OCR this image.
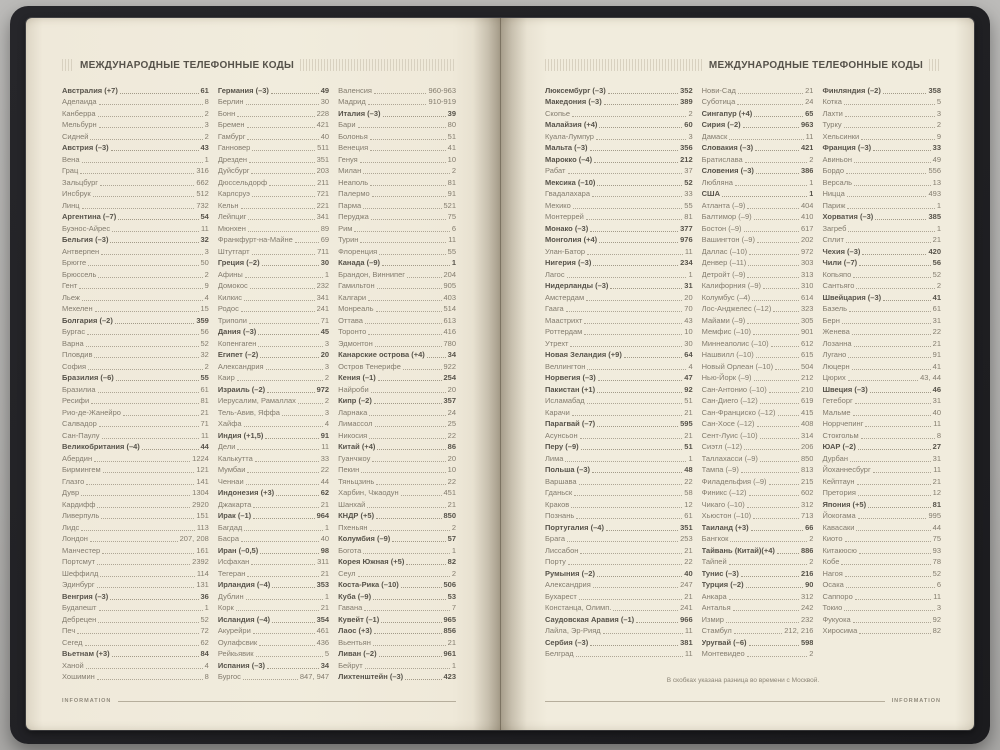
МЕЖДУНАРОДНЫЕ ТЕЛЕФОННЫЕ КОДЫ
Австралия (+7)	61
Аделаида	8
Канберра	2
Мельбурн	3
Сидней	2
Австрия (–3)	43
Вена	1
Грац	316
Зальцбург	662
Инсбрук	512
Линц	732
Аргентина (–7)	54
Буэнос-Айрес	11
Бельгия (–3)	32
Антверпен	3
Брюгге	50
Брюссель	2
Гент	9
Льеж	4
Мехелен	15
Болгария (–2)	359
Бургас	56
Варна	52
Пловдив	32
София	2
Бразилия (–6)	55
Бразилиа	61
Ресифи	81
Рио-де-Жанейро	21
Салвадор	71
Сан-Паулу	11
Великобритания (–4)	44
Абердин	1224
Бирмингем	121
Глазго	141
Дувр	1304
Кардифф	2920
Ливерпуль	151
Лидс	113
Лондон	207, 208
Манчестер	161
Портсмут	2392
Шеффилд	114
Эдинбург	131
Венгрия (–3)	36
Будапешт	1
Дебрецен	52
Печ	72
Сегед	62
Вьетнам (+3)	84
Ханой	4
Хошимин	8
Германия (–3)	49
Берлин	30
Бонн	228
Бремен	421
Гамбург	40
Ганновер	511
Дрезден	351
Дуйсбург	203
Дюссельдорф	211
Карлсруэ	721
Кельн	221
Лейпциг	341
Мюнхен	89
Франкфурт-на-Майне	69
Штутгарт	711
Греция (–2)	30
Афины	1
Домокос	232
Килкис	341
Родос	241
Триполи	71
Дания (–3)	45
Копенгаген	3
Египет (–2)	20
Александрия	3
Каир	2
Израиль (–2)	972
Иерусалим, Рамаллах	2
Тель-Авив, Яффа	3
Хайфа	4
Индия (+1,5)	91
Дели	11
Калькутта	33
Мумбаи	22
Ченнаи	44
Индонезия (+3)	62
Джакарта	21
Ирак (–1)	964
Багдад	1
Басра	40
Иран (–0,5)	98
Исфахан	311
Тегеран	21
Ирландия (–4)	353
Дублин	1
Корк	21
Исландия (–4)	354
Акурейри	461
Оулафсвик	436
Рейкьявик	5
Испания (–3)	34
Бургос	847, 947
Валенсия	960-963
Мадрид	910-919
Италия (–3)	39
Бари	80
Болонья	51
Венеция	41
Генуя	10
Милан	2
Неаполь	81
Палермо	91
Парма	521
Перуджа	75
Рим	6
Турин	11
Флоренция	55
Канада (–9)	1
Брандон, Виннипег	204
Гамильтон	905
Калгари	403
Монреаль	514
Оттава	613
Торонто	416
Эдмонтон	780
Канарские острова (+4)	34
Остров Тенерифе	922
Кения (–1)	254
Найроби	20
Кипр (–2)	357
Ларнака	24
Лимассол	25
Никосия	22
Китай (+4)	86
Гуанчжоу	20
Пекин	10
Тяньцзинь	22
Харбин, Чжаодун	451
Шанхай	21
КНДР (+5)	850
Пхеньян	2
Колумбия (–9)	57
Богота	1
Корея Южная (+5)	82
Сеул	2
Коста-Рика (–10)	506
Куба (–9)	53
Гавана	7
Кувейт (–1)	965
Лаос (+3)	856
Вьентьян	21
Ливан (–2)	961
Бейрут	1
Лихтенштейн (–3)	423
INFORMATION
МЕЖДУНАРОДНЫЕ ТЕЛЕФОННЫЕ КОДЫ
Люксембург (–3)	352
Македония (–3)	389
Скопье	2
Малайзия (+4)	60
Куала-Лумпур	3
Мальта (–3)	356
Марокко (–4)	212
Рабат	37
Мексика (–10)	52
Гвадалахара	33
Мехико	55
Монтеррей	81
Монако (–3)	377
Монголия (+4)	976
Улан-Батор	11
Нигерия (–3)	234
Лагос	1
Нидерланды (–3)	31
Амстердам	20
Гаага	70
Маастрихт	43
Роттердам	10
Утрехт	30
Новая Зеландия (+9)	64
Веллингтон	4
Норвегия (–3)	47
Пакистан (+1)	92
Исламабад	51
Карачи	21
Парагвай (–7)	595
Асунсьон	21
Перу (–9)	51
Лима	1
Польша (–3)	48
Варшава	22
Гданьск	58
Краков	12
Познань	61
Португалия (–4)	351
Брага	253
Лиссабон	21
Порту	22
Румыния (–2)	40
Александрия	247
Бухарест	21
Констанца, Олимп.	241
Саудовская Аравия (–1)	966
Лайла, Эр-Рияд	11
Сербия (–3)	381
Белград	11
Нови-Сад	21
Суботица	24
Сингапур (+4)	65
Сирия (–2)	963
Дамаск	11
Словакия (–3)	421
Братислава	2
Словения (–3)	386
Любляна	1
США	1
Атланта (–9)	404
Балтимор (–9)	410
Бостон (–9)	617
Вашингтон (–9)	202
Даллас (–10)	972
Денвер (–11)	303
Детройт (–9)	313
Калифорния (–9)	310
Колумбус (–4)	614
Лос-Анджелес (–12)	323
Майами (–9)	305
Мемфис (–10)	901
Миннеаполис (–10)	612
Нашвилл (–10)	615
Новый Орлеан (–10)	504
Нью-Йорк (–9)	212
Сан-Антонио (–10)	210
Сан-Диего (–12)	619
Сан-Франциско (–12)	415
Сан-Хосе (–12)	408
Сент-Луис (–10)	314
Сиэтл (–12)	206
Таллахасси (–9)	850
Тампа (–9)	813
Филадельфия (–9)	215
Финикс (–12)	602
Чикаго (–10)	312
Хьюстон (–10)	713
Таиланд (+3)	66
Бангкок	2
Тайвань (Китай)(+4)	886
Тайпей	2
Тунис (–3)	216
Турция (–2)	90
Анкара	312
Анталья	242
Измир	232
Стамбул	212, 216
Уругвай (–6)	598
Монтевидео	2
Финляндия (–2)	358
Котка	5
Лахти	3
Турку	2
Хельсинки	9
Франция (–3)	33
Авиньон	49
Бордо	556
Версаль	13
Ницца	493
Париж	1
Хорватия (–3)	385
Загреб	1
Сплит	21
Чехия (–3)	420
Чили (–7)	56
Копьяпо	52
Сантьяго	2
Швейцария (–3)	41
Базель	61
Берн	31
Женева	22
Лозанна	21
Лугано	91
Люцерн	41
Цюрих	43, 44
Швеция (–3)	46
Гетеборг	31
Мальме	40
Норрчепинг	11
Стокгольм	8
ЮАР (–2)	27
Дурбан	31
Йоханнесбург	11
Кейптаун	21
Претория	12
Япония (+5)	81
Йокогама	995
Кавасаки	44
Киото	75
Китакюсю	93
Кобе	78
Нагоя	52
Осака	6
Саппоро	11
Токио	3
Фукуока	92
Хиросима	82
В скобках указана разница во времени с Москвой.
INFORMATION
